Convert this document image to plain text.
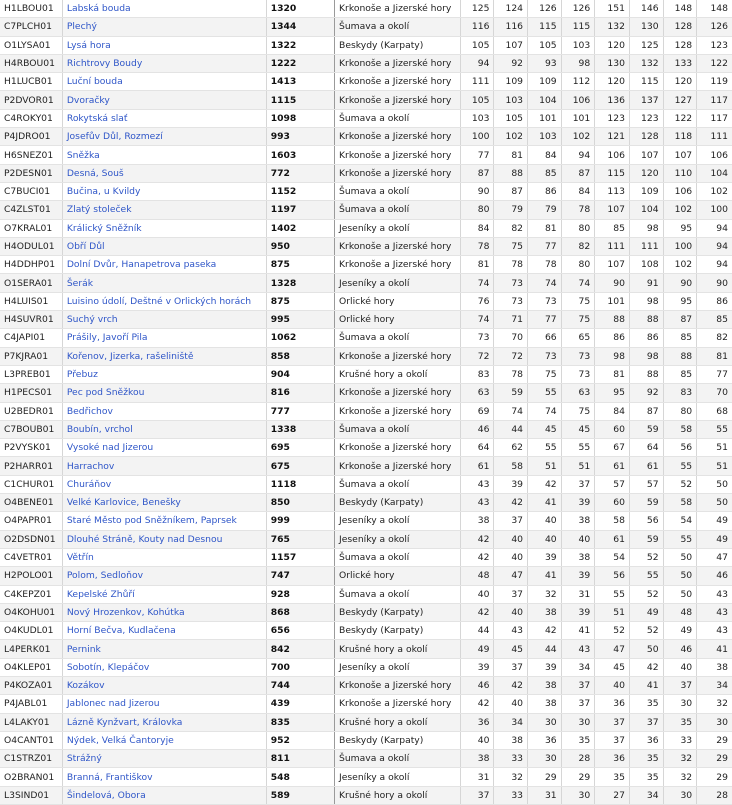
H1LBOU01	Labská bouda	1320	Krkonoše a Jizerské hory	125	124	126	126	151	146	148	148
C7PLCH01	Plechý	1344	Šumava a okolí	116	116	115	115	132	130	128	126
O1LYSA01	Lysá hora	1322	Beskydy (Karpaty)	105	107	105	103	120	125	128	123
H4RBOU01	Richtrovy Boudy	1222	Krkonoše a Jizerské hory	94	92	93	98	130	132	133	122
H1LUCB01	Luční bouda	1413	Krkonoše a Jizerské hory	111	109	109	112	120	115	120	119
P2DVOR01	Dvoračky	1115	Krkonoše a Jizerské hory	105	103	104	106	136	137	127	117
C4ROKY01	Rokytská slať	1098	Šumava a okolí	103	105	101	101	123	123	122	117
P4JDRO01	Josefův Důl, Rozmezí	993	Krkonoše a Jizerské hory	100	102	103	102	121	128	118	111
H6SNEZ01	Sněžka	1603	Krkonoše a Jizerské hory	77	81	84	94	106	107	107	106
P2DESN01	Desná, Souš	772	Krkonoše a Jizerské hory	87	88	85	87	115	120	110	104
C7BUCI01	Bučina, u Kvildy	1152	Šumava a okolí	90	87	86	84	113	109	106	102
C4ZLST01	Zlatý stoleček	1197	Šumava a okolí	80	79	79	78	107	104	102	100
O7KRAL01	Králický Sněžník	1402	Jeseníky a okolí	84	82	81	80	85	98	95	94
H4ODUL01	Obří Důl	950	Krkonoše a Jizerské hory	78	75	77	82	111	111	100	94
H4DDHP01	Dolní Dvůr, Hanapetrova paseka	875	Krkonoše a Jizerské hory	81	78	78	80	107	108	102	94
O1SERA01	Šerák	1328	Jeseníky a okolí	74	73	74	74	90	91	90	90
H4LUIS01	Luisino údolí, Deštné v Orlických horách	875	Orlické hory	76	73	73	75	101	98	95	86
H4SUVR01	Suchý vrch	995	Orlické hory	74	71	77	75	88	88	87	85
C4JAPI01	Prášily, Javoří Pila	1062	Šumava a okolí	73	70	66	65	86	86	85	82
P7KJRA01	Kořenov, Jizerka, rašeliniště	858	Krkonoše a Jizerské hory	72	72	73	73	98	98	88	81
L3PREB01	Přebuz	904	Krušné hory a okolí	83	78	75	73	81	88	85	77
H1PECS01	Pec pod Sněžkou	816	Krkonoše a Jizerské hory	63	59	55	63	95	92	83	70
U2BEDR01	Bedřichov	777	Krkonoše a Jizerské hory	69	74	74	75	84	87	80	68
C7BOUB01	Boubín, vrchol	1338	Šumava a okolí	46	44	45	45	60	59	58	55
P2VYSK01	Vysoké nad Jizerou	695	Krkonoše a Jizerské hory	64	62	55	55	67	64	56	51
P2HARR01	Harrachov	675	Krkonoše a Jizerské hory	61	58	51	51	61	61	55	51
C1CHUR01	Churáňov	1118	Šumava a okolí	43	39	42	37	57	57	52	50
O4BENE01	Velké Karlovice, Benešky	850	Beskydy (Karpaty)	43	42	41	39	60	59	58	50
O4PAPR01	Staré Město pod Sněžníkem, Paprsek	999	Jeseníky a okolí	38	37	40	38	58	56	54	49
O2DSDN01	Dlouhé Stráně, Kouty nad Desnou	765	Jeseníky a okolí	42	40	40	40	61	59	55	49
C4VETR01	Větřín	1157	Šumava a okolí	42	40	39	38	54	52	50	47
H2POLO01	Polom, Sedloňov	747	Orlické hory	48	47	41	39	56	55	50	46
C4KEPZ01	Kepelské Zhůří	928	Šumava a okolí	40	37	32	31	55	52	50	43
O4KOHU01	Nový Hrozenkov, Kohútka	868	Beskydy (Karpaty)	42	40	38	39	51	49	48	43
O4KUDL01	Horní Bečva, Kudlačena	656	Beskydy (Karpaty)	44	43	42	41	52	52	49	43
L4PERK01	Pernink	842	Krušné hory a okolí	49	45	44	43	47	50	46	41
O4KLEP01	Sobotín, Klepáčov	700	Jeseníky a okolí	39	37	39	34	45	42	40	38
P4KOZA01	Kozákov	744	Krkonoše a Jizerské hory	46	42	38	37	40	41	37	34
P4JABL01	Jablonec nad Jizerou	439	Krkonoše a Jizerské hory	42	40	38	37	36	35	30	32
L4LAKY01	Lázně Kynžvart, Královka	835	Krušné hory a okolí	36	34	30	30	37	37	35	30
O4CANT01	Nýdek, Velká Čantoryje	952	Beskydy (Karpaty)	40	38	36	35	37	36	33	29
C1STRZ01	Strážný	811	Šumava a okolí	38	33	30	28	36	35	32	29
O2BRAN01	Branná, Františkov	548	Jeseníky a okolí	31	32	29	29	35	35	32	29
L3SIND01	Šindelová, Obora	589	Krušné hory a okolí	37	33	31	30	27	34	30	28
